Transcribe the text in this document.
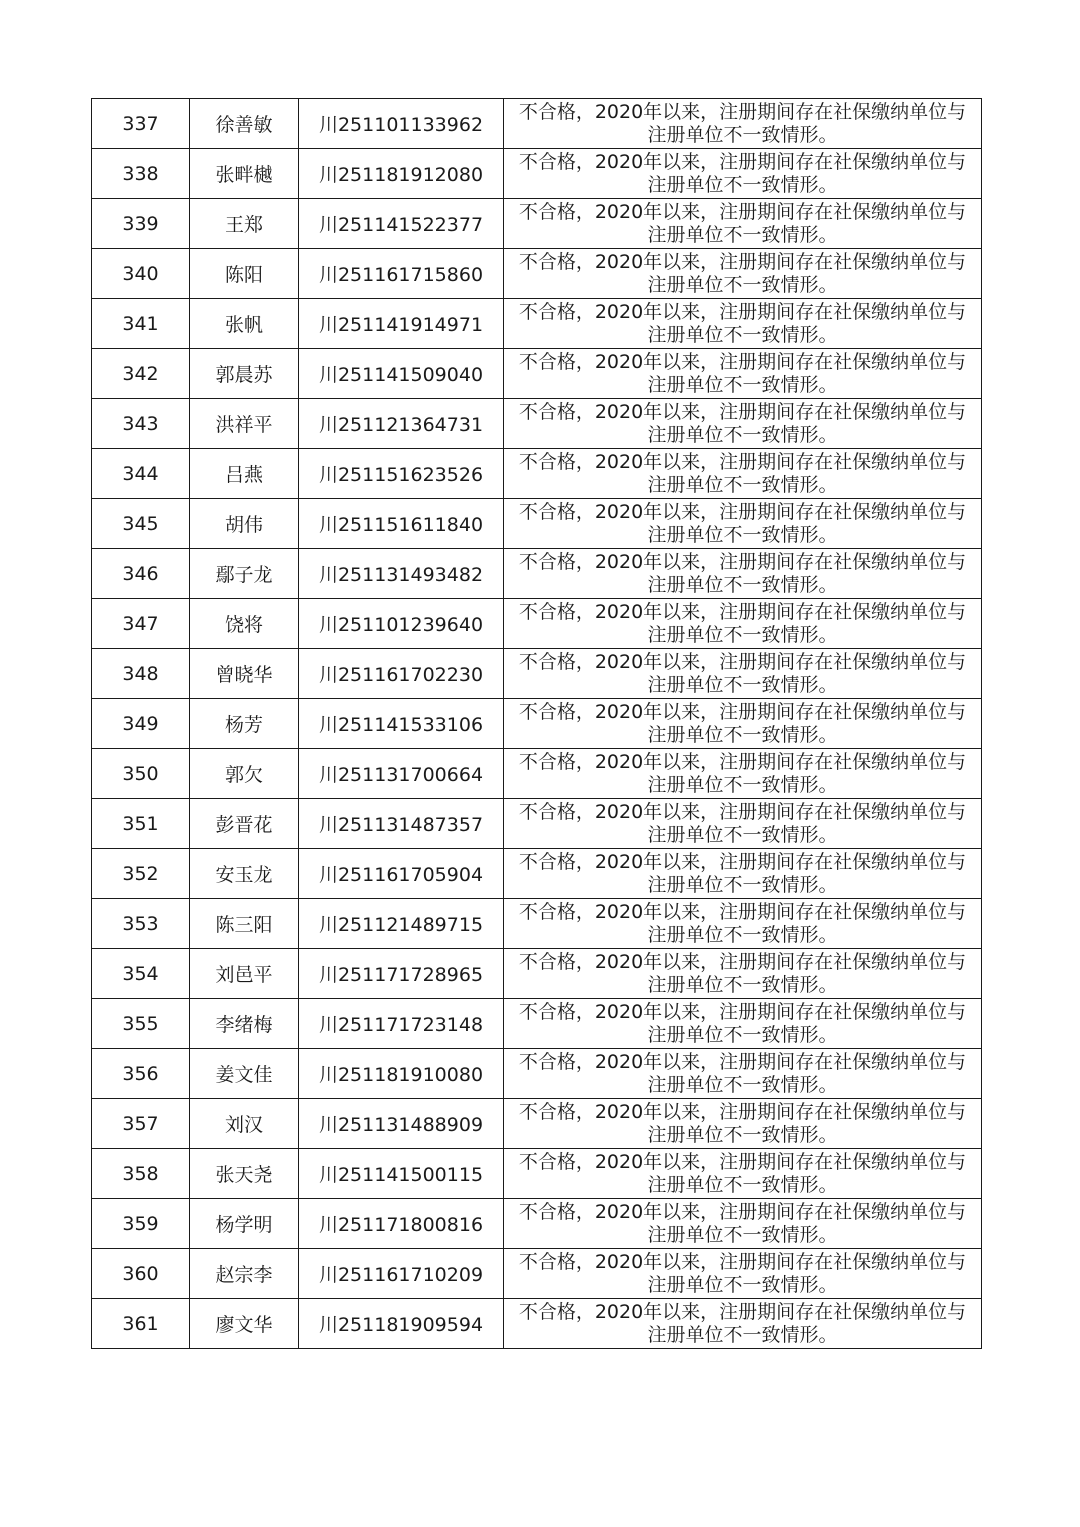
337	徐善敏	川251101133962	不合格，2020年以来，注册期间存在社保缴纳单位与
注册单位不一致情形。

338	张畔樾	川251181912080	不合格，2020年以来，注册期间存在社保缴纳单位与
注册单位不一致情形。

339	王郑	川251141522377	不合格，2020年以来，注册期间存在社保缴纳单位与
注册单位不一致情形。

340	陈阳	川251161715860	不合格，2020年以来，注册期间存在社保缴纳单位与
注册单位不一致情形。

341	张帆	川251141914971	不合格，2020年以来，注册期间存在社保缴纳单位与
注册单位不一致情形。

342	郭晨苏	川251141509040	不合格，2020年以来，注册期间存在社保缴纳单位与
注册单位不一致情形。

343	洪祥平	川251121364731	不合格，2020年以来，注册期间存在社保缴纳单位与
注册单位不一致情形。

344	吕燕	川251151623526	不合格，2020年以来，注册期间存在社保缴纳单位与
注册单位不一致情形。

345	胡伟	川251151611840	不合格，2020年以来，注册期间存在社保缴纳单位与
注册单位不一致情形。

346	鄢子龙	川251131493482	不合格，2020年以来，注册期间存在社保缴纳单位与
注册单位不一致情形。

347	饶将	川251101239640	不合格，2020年以来，注册期间存在社保缴纳单位与
注册单位不一致情形。

348	曾晓华	川251161702230	不合格，2020年以来，注册期间存在社保缴纳单位与
注册单位不一致情形。

349	杨芳	川251141533106	不合格，2020年以来，注册期间存在社保缴纳单位与
注册单位不一致情形。

350	郭欠	川251131700664	不合格，2020年以来，注册期间存在社保缴纳单位与
注册单位不一致情形。

351	彭晋花	川251131487357	不合格，2020年以来，注册期间存在社保缴纳单位与
注册单位不一致情形。

352	安玉龙	川251161705904	不合格，2020年以来，注册期间存在社保缴纳单位与
注册单位不一致情形。

353	陈三阳	川251121489715	不合格，2020年以来，注册期间存在社保缴纳单位与
注册单位不一致情形。

354	刘邑平	川251171728965	不合格，2020年以来，注册期间存在社保缴纳单位与
注册单位不一致情形。

355	李绪梅	川251171723148	不合格，2020年以来，注册期间存在社保缴纳单位与
注册单位不一致情形。

356	姜文佳	川251181910080	不合格，2020年以来，注册期间存在社保缴纳单位与
注册单位不一致情形。

357	刘汉	川251131488909	不合格，2020年以来，注册期间存在社保缴纳单位与
注册单位不一致情形。

358	张天尧	川251141500115	不合格，2020年以来，注册期间存在社保缴纳单位与
注册单位不一致情形。

359	杨学明	川251171800816	不合格，2020年以来，注册期间存在社保缴纳单位与
注册单位不一致情形。

360	赵宗李	川251161710209	不合格，2020年以来，注册期间存在社保缴纳单位与
注册单位不一致情形。

361	廖文华	川251181909594	不合格，2020年以来，注册期间存在社保缴纳单位与
注册单位不一致情形。
